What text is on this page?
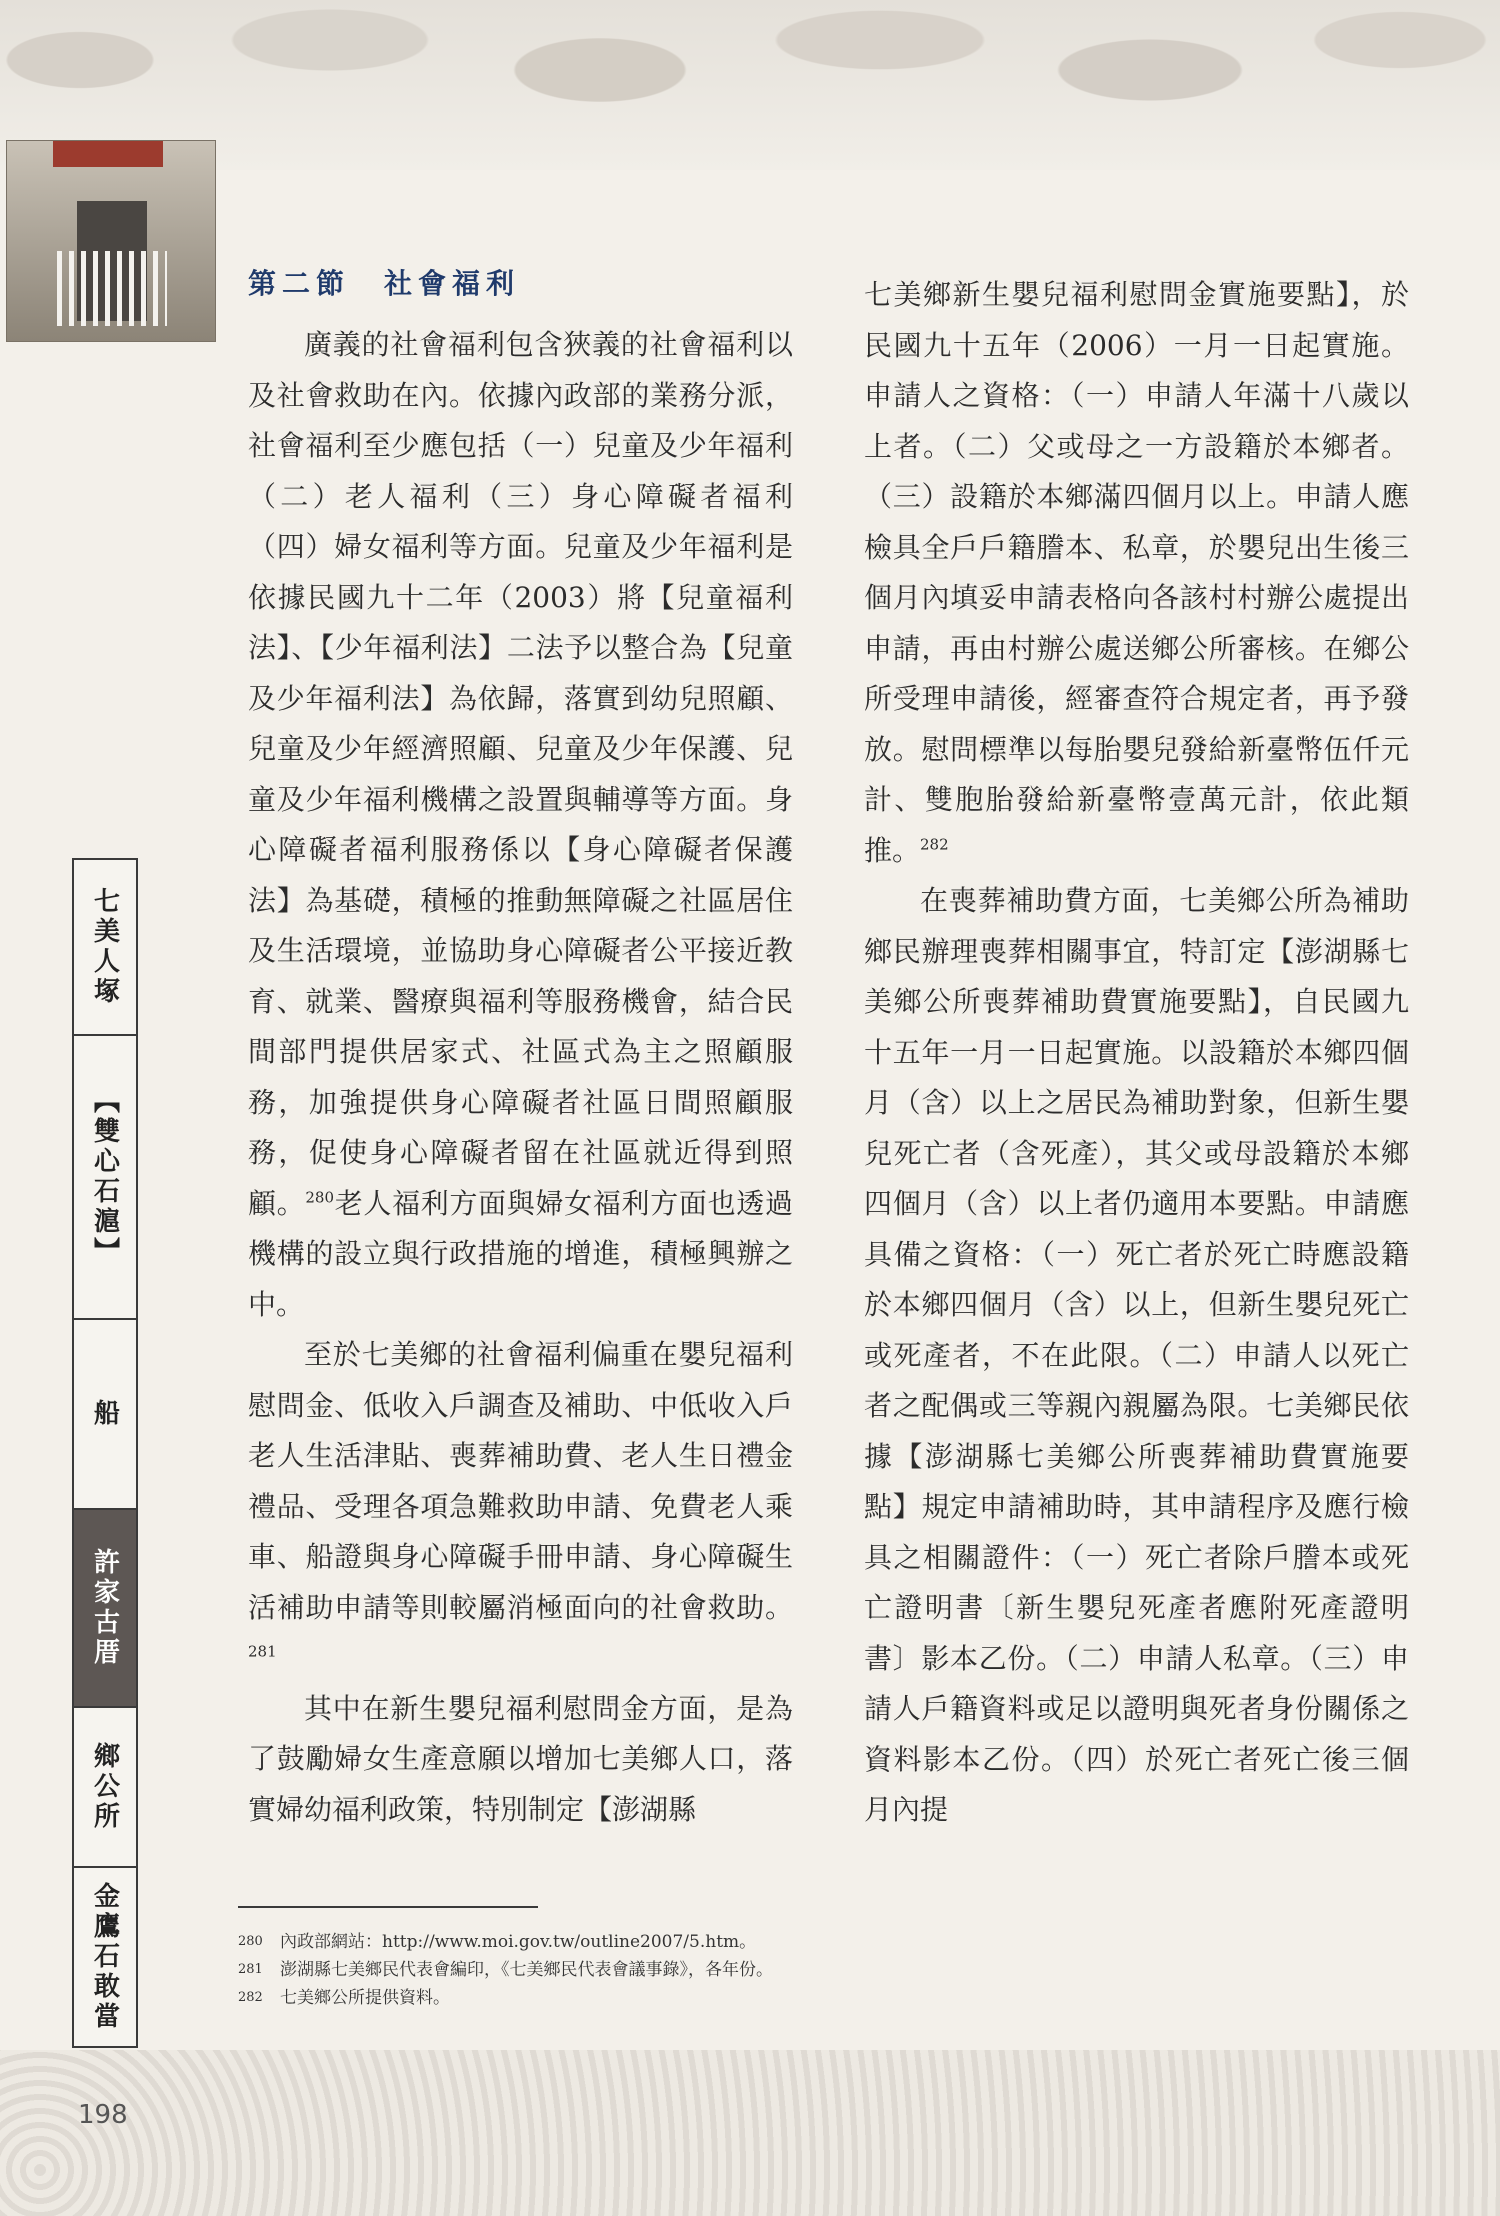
七美人塚
【雙心石滬】
船
許家古厝
鄉公所
金鷹石敢當
第二節　社會福利

廣義的社會福利包含狹義的社會福利以及社會救助在內。依據內政部的業務分派，社會福利至少應包括（一）兒童及少年福利（二）老人福利（三）身心障礙者福利（四）婦女福利等方面。兒童及少年福利是依據民國九十二年（2003）將【兒童福利法】、【少年福利法】二法予以整合為【兒童及少年福利法】為依歸，落實到幼兒照顧、兒童及少年經濟照顧、兒童及少年保護、兒童及少年福利機構之設置與輔導等方面。身心障礙者福利服務係以【身心障礙者保護法】為基礎，積極的推動無障礙之社區居住及生活環境，並協助身心障礙者公平接近教育、就業、醫療與福利等服務機會，結合民間部門提供居家式、社區式為主之照顧服務，加強提供身心障礙者社區日間照顧服務，促使身心障礙者留在社區就近得到照顧。$^{280}$老人福利方面與婦女福利方面也透過機構的設立與行政措施的增進，積極興辦之中。

至於七美鄉的社會福利偏重在嬰兒福利慰問金、低收入戶調查及補助、中低收入戶老人生活津貼、喪葬補助費、老人生日禮金禮品、受理各項急難救助申請、免費老人乘車、船證與身心障礙手冊申請、身心障礙生活補助申請等則較屬消極面向的社會救助。$^{281}$

其中在新生嬰兒福利慰問金方面，是為了鼓勵婦女生產意願以增加七美鄉人口，落實婦幼福利政策，特別制定【澎湖縣

七美鄉新生嬰兒福利慰問金實施要點】，於民國九十五年（2006）一月一日起實施。申請人之資格：（一）申請人年滿十八歲以上者。（二）父或母之一方設籍於本鄉者。（三）設籍於本鄉滿四個月以上。申請人應檢具全戶戶籍謄本、私章，於嬰兒出生後三個月內填妥申請表格向各該村村辦公處提出申請，再由村辦公處送鄉公所審核。在鄉公所受理申請後，經審查符合規定者，再予發放。慰問標準以每胎嬰兒發給新臺幣伍仟元計、雙胞胎發給新臺幣壹萬元計，依此類推。$^{282}$

在喪葬補助費方面，七美鄉公所為補助鄉民辦理喪葬相關事宜，特訂定【澎湖縣七美鄉公所喪葬補助費實施要點】，自民國九十五年一月一日起實施。以設籍於本鄉四個月（含）以上之居民為補助對象，但新生嬰兒死亡者（含死產），其父或母設籍於本鄉四個月（含）以上者仍適用本要點。申請應具備之資格：（一）死亡者於死亡時應設籍於本鄉四個月（含）以上，但新生嬰兒死亡或死產者，不在此限。（二）申請人以死亡者之配偶或三等親內親屬為限。七美鄉民依據【澎湖縣七美鄉公所喪葬補助費實施要點】規定申請補助時，其申請程序及應行檢具之相關證件：（一）死亡者除戶謄本或死亡證明書〔新生嬰兒死產者應附死產證明書〕影本乙份。（二）申請人私章。（三）申請人戶籍資料或足以證明與死者身份關係之資料影本乙份。（四）於死亡者死亡後三個月內提

280	內政部網站：http://www.moi.gov.tw/outline2007/5.htm。
281	澎湖縣七美鄉民代表會編印，《七美鄉民代表會議事錄》，各年份。
282	七美鄉公所提供資料。
198
